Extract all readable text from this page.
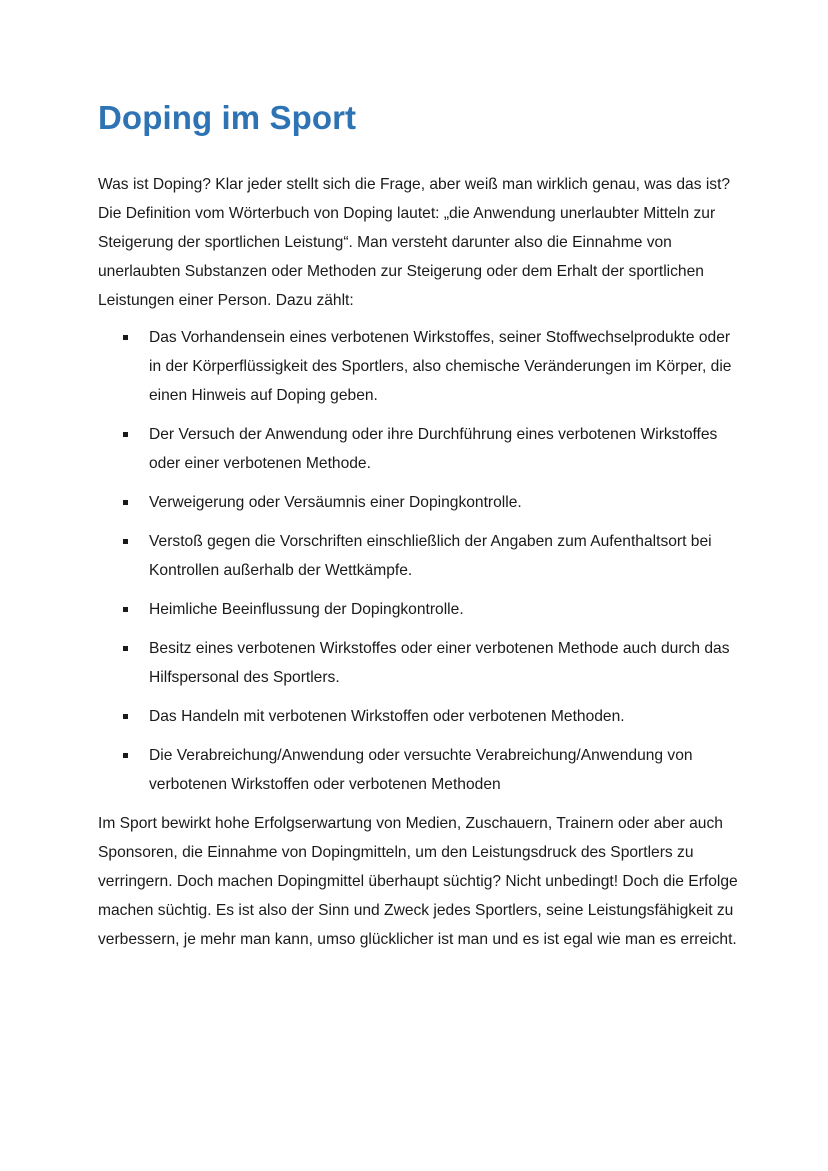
Doping im Sport

Was ist Doping? Klar jeder stellt sich die Frage, aber weiß man wirklich genau, was das ist? Die Definition vom Wörterbuch von Doping lautet: „die Anwendung unerlaubter Mitteln zur Steigerung der sportlichen Leistung“. Man versteht darunter also die Einnahme von unerlaubten Substanzen oder Methoden zur Steigerung oder dem Erhalt der sportlichen Leistungen einer Person. Dazu zählt:

Das Vorhandensein eines verbotenen Wirkstoffes, seiner Stoffwechselprodukte oder in der Körperflüssigkeit des Sportlers, also chemische Veränderungen im Körper, die einen Hinweis auf Doping geben.
Der Versuch der Anwendung oder ihre Durchführung eines verbotenen Wirkstoffes oder einer verbotenen Methode.
Verweigerung oder Versäumnis einer Dopingkontrolle.
Verstoß gegen die Vorschriften einschließlich der Angaben zum Aufenthaltsort bei Kontrollen außerhalb der Wettkämpfe.
Heimliche Beeinflussung der Dopingkontrolle.
Besitz eines verbotenen Wirkstoffes oder einer verbotenen Methode auch durch das Hilfspersonal des Sportlers.
Das Handeln mit verbotenen Wirkstoffen oder verbotenen Methoden.
Die Verabreichung/Anwendung oder versuchte Verabreichung/Anwendung von verbotenen Wirkstoffen oder verbotenen Methoden

Im Sport bewirkt hohe Erfolgserwartung von Medien, Zuschauern, Trainern oder aber auch Sponsoren, die Einnahme von Dopingmitteln, um den Leistungsdruck des Sportlers zu verringern. Doch machen Dopingmittel überhaupt süchtig? Nicht unbedingt! Doch die Erfolge machen süchtig. Es ist also der Sinn und Zweck jedes Sportlers, seine Leistungsfähigkeit zu verbessern, je mehr man kann, umso glücklicher ist man und es ist egal wie man es erreicht.
